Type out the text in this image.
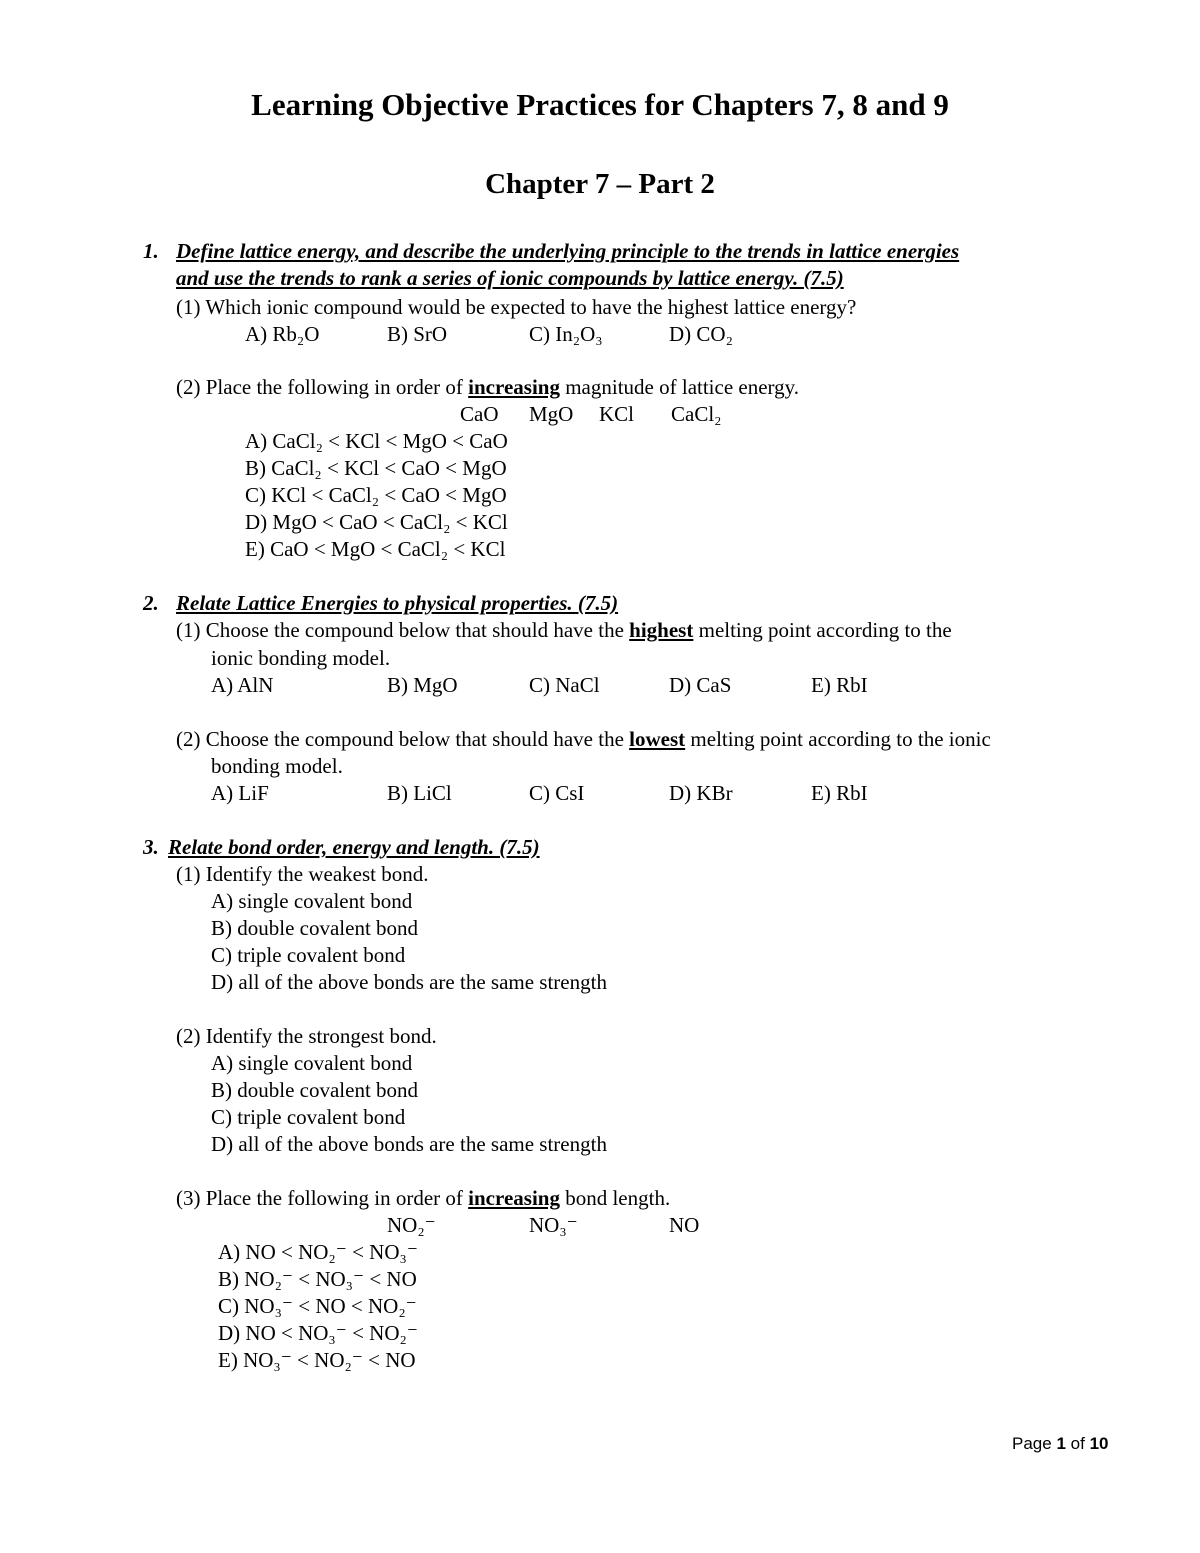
Learning Objective Practices for Chapters 7, 8 and 9
Chapter 7 – Part 2
1. Define lattice energy, and describe the underlying principle to the trends in lattice energies
and use the trends to rank a series of ionic compounds by lattice energy. (7.5)
(1) Which ionic compound would be expected to have the highest lattice energy?
A) Rb₂O	B) SrO	C) In₂O₃	D) CO₂
(2) Place the following in order of increasing magnitude of lattice energy.
CaO MgO KCl CaCl₂
A) CaCl₂ < KCl < MgO < CaO
B) CaCl₂ < KCl < CaO < MgO
C) KCl < CaCl₂ < CaO < MgO
D) MgO < CaO < CaCl₂ < KCl
E) CaO < MgO < CaCl₂ < KCl
2. Relate Lattice Energies to physical properties. (7.5)
(1) Choose the compound below that should have the highest melting point according to the
ionic bonding model.
A) AlN	B) MgO	C) NaCl	D) CaS	E) RbI
(2) Choose the compound below that should have the lowest melting point according to the ionic
bonding model.
A) LiF	B) LiCl	C) CsI	D) KBr	E) RbI
3. Relate bond order, energy and length. (7.5)
(1) Identify the weakest bond.
A) single covalent bond
B) double covalent bond
C) triple covalent bond
D) all of the above bonds are the same strength
(2) Identify the strongest bond.
A) single covalent bond
B) double covalent bond
C) triple covalent bond
D) all of the above bonds are the same strength
(3) Place the following in order of increasing bond length.
NO₂⁻	NO₃⁻	NO
A) NO < NO₂⁻ < NO₃⁻
B) NO₂⁻ < NO₃⁻ < NO
C) NO₃⁻ < NO < NO₂⁻
D) NO < NO₃⁻ < NO₂⁻
E) NO₃⁻ < NO₂⁻ < NO
Page 1 of 10
